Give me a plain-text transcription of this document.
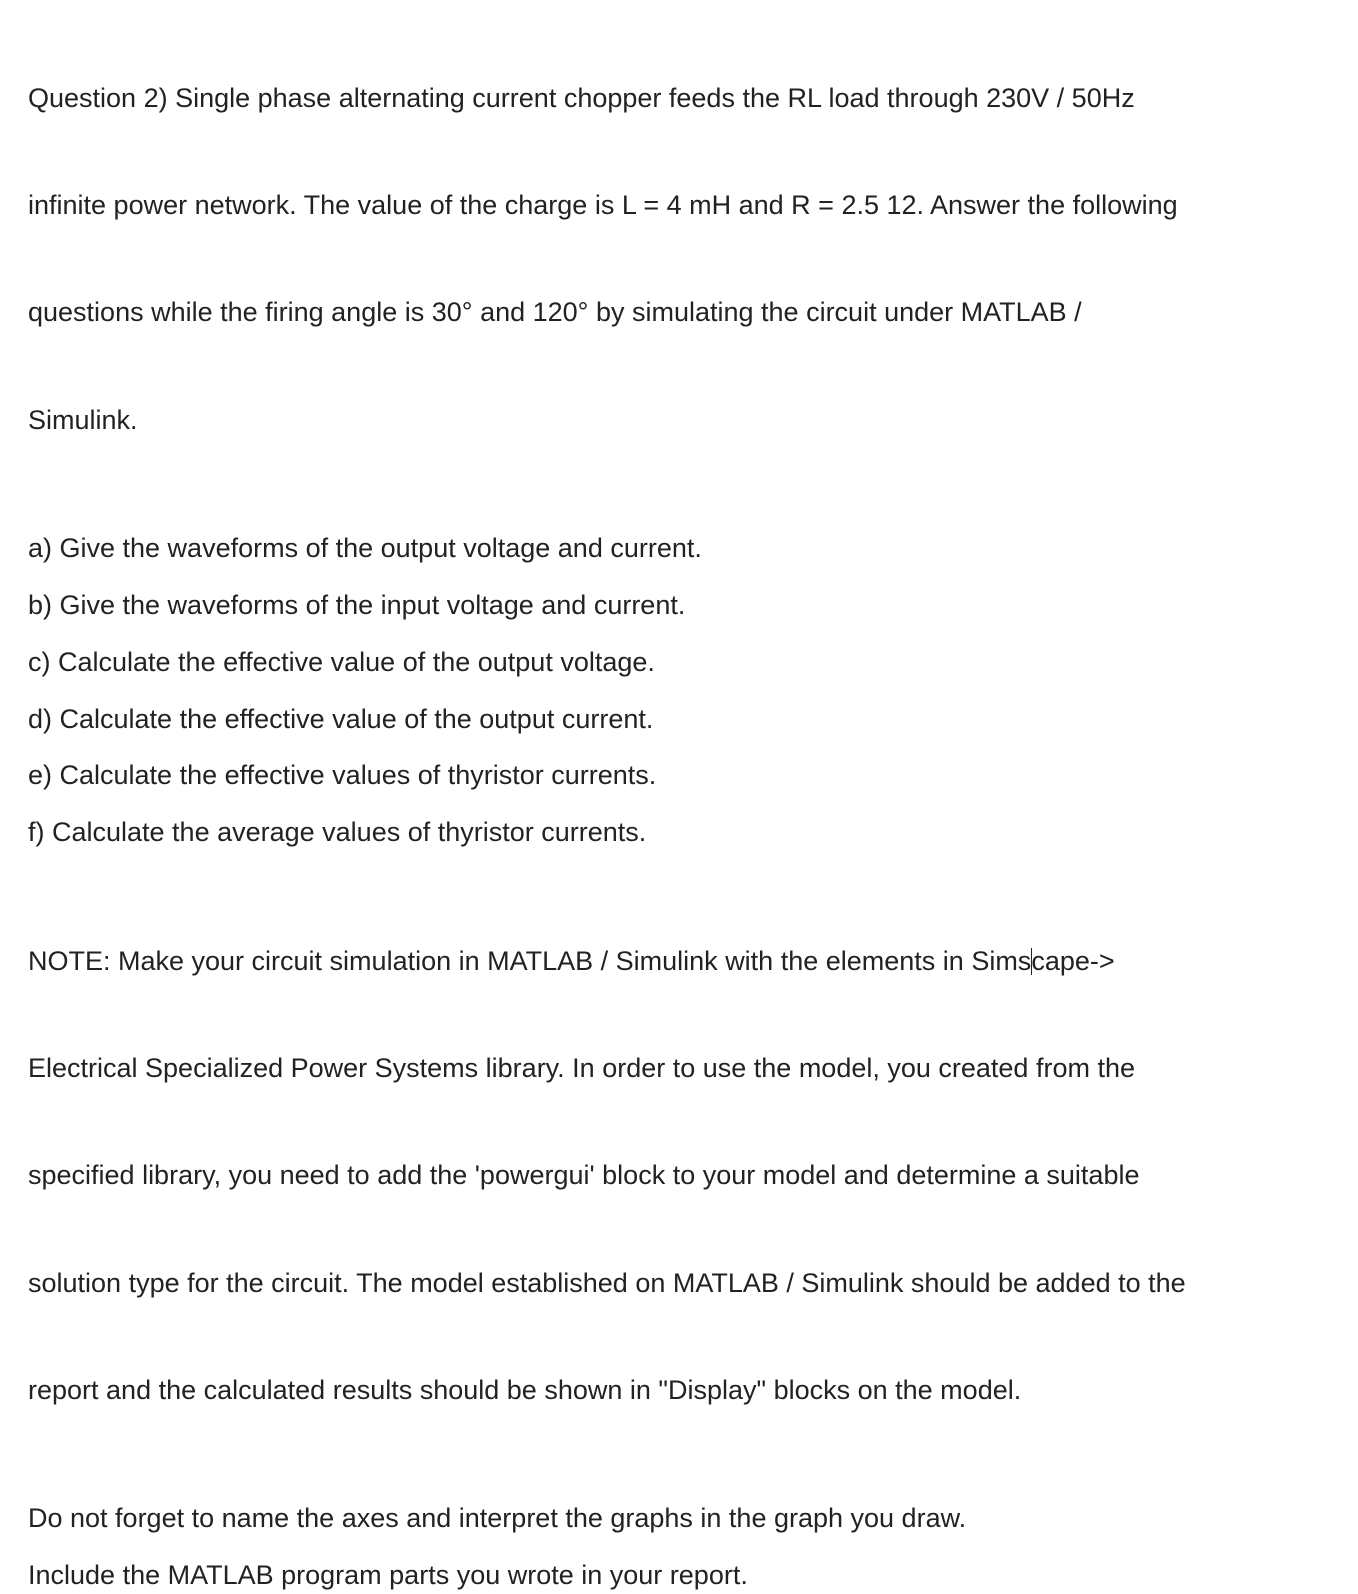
Question 2) Single phase alternating current chopper feeds the RL load through 230V / 50Hz

infinite power network. The value of the charge is L = 4 mH and R = 2.5 12. Answer the following

questions while the firing angle is 30° and 120° by simulating the circuit under MATLAB /

Simulink.

a) Give the waveforms of the output voltage and current.
b) Give the waveforms of the input voltage and current.
c) Calculate the effective value of the output voltage.
d) Calculate the effective value of the output current.
e) Calculate the effective values of thyristor currents.
f) Calculate the average values of thyristor currents.

NOTE: Make your circuit simulation in MATLAB / Simulink with the elements in Simscape->

Electrical Specialized Power Systems library. In order to use the model, you created from the

specified library, you need to add the 'powergui' block to your model and determine a suitable

solution type for the circuit. The model established on MATLAB / Simulink should be added to the

report and the calculated results should be shown in "Display" blocks on the model.

Do not forget to name the axes and interpret the graphs in the graph you draw.
Include the MATLAB program parts you wrote in your report.
